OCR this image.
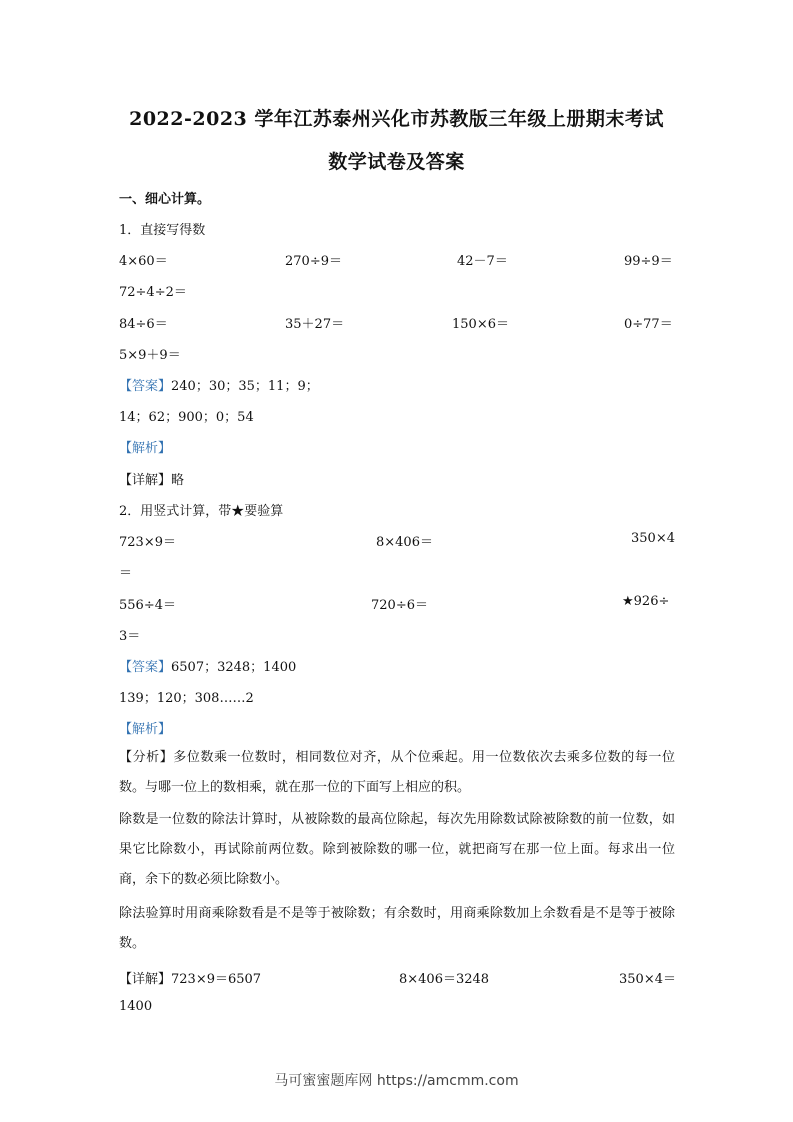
2022-2023 学年江苏泰州兴化市苏教版三年级上册期末考试
数学试卷及答案
一、细心计算。
1．直接写得数
4×60＝	270÷9＝	42－7＝	99÷9＝
72÷4÷2＝
84÷6＝	35＋27＝	150×6＝	0÷77＝
5×9＋9＝
【答案】240；30；35；11；9；
14；62；900；0；54
【解析】
【详解】略
2．用竖式计算，带★要验算
723×9＝	8×406＝	350×4
＝
556÷4＝	720÷6＝	★926÷
3＝
【答案】6507；3248；1400
139；120；308……2
【解析】
【分析】多位数乘一位数时，相同数位对齐，从个位乘起。用一位数依次去乘多位数的每一位数。与哪一位上的数相乘，就在那一位的下面写上相应的积。
除数是一位数的除法计算时，从被除数的最高位除起，每次先用除数试除被除数的前一位数，如果它比除数小，再试除前两位数。除到被除数的哪一位，就把商写在那一位上面。每求出一位商，余下的数必须比除数小。
除法验算时用商乘除数看是不是等于被除数；有余数时，用商乘除数加上余数看是不是等于被除数。
【详解】723×9＝6507	8×406＝3248	350×4＝
1400
马可蜜蜜题库网 https://amcmm.com
